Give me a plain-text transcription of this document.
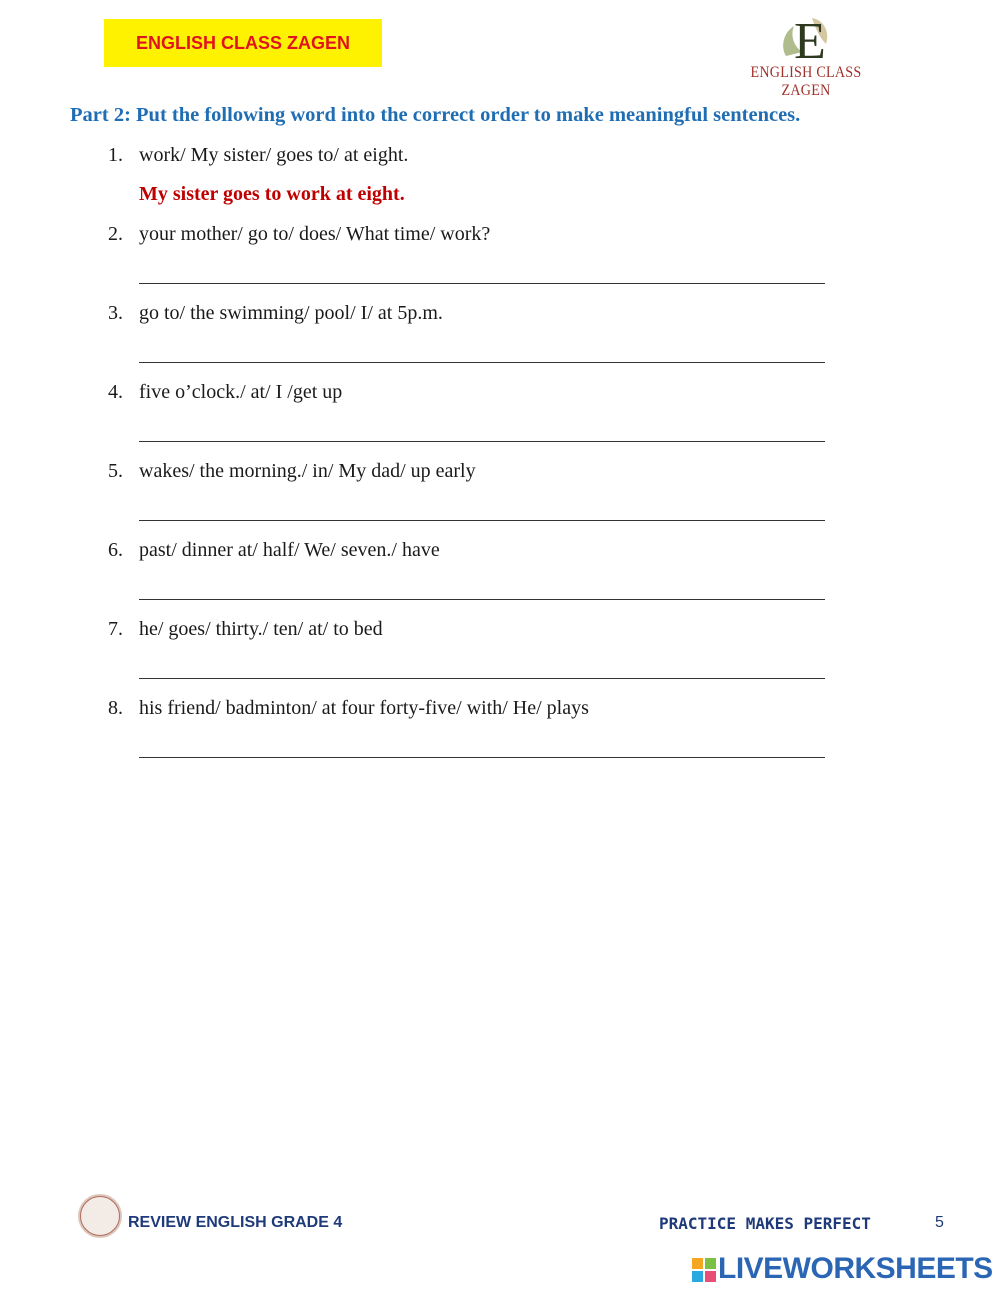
ENGLISH CLASS ZAGEN	E
ENGLISH CLASS ZAGEN
Part 2: Put the following word into the correct order to make meaningful sentences.
1. work/ My sister/ goes to/ at eight.
My sister goes to work at eight.
2. your mother/ go to/ does/ What time/ work?
3. go to/ the swimming/ pool/ I/ at 5p.m.
4. five o’clock./ at/ I /get up
5. wakes/ the morning./ in/ My dad/ up early
6. past/ dinner at/ half/ We/ seven./ have
7. he/ goes/ thirty./ ten/ at/ to bed
8. his friend/ badminton/ at four forty-five/ with/ He/ plays
REVIEW ENGLISH GRADE 4	PRACTICE MAKES PERFECT	5
LIVEWORKSHEETS
